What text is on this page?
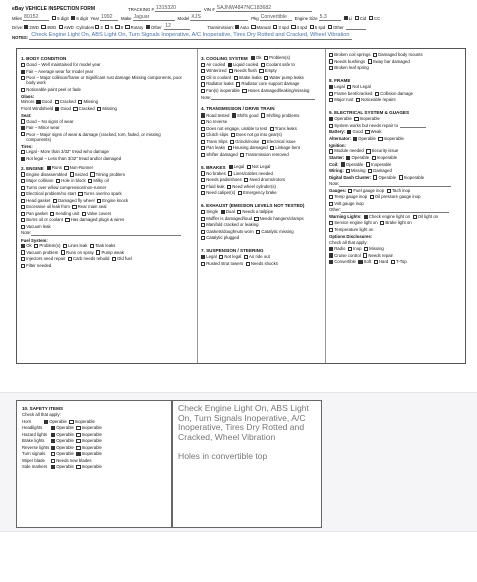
eBay VEHICLE INSPECTION FORM	TRACKING # 1315320	VIN # SAJNW4847NC183682
Miles 80152	5 digit 6 digit Year 1992	Make Jaguar	Model XJS	Pkg Convertible	Engine Size 5.3	Li Cid CC
Drive: 2WD 4WD AWD Cylinders 4 6 8 Rotary Other 12	Transmission: Auto Manual 3 spd 4 spd 5 spd Other
NOTES: Check Engine Light On, ABS Light On, Turn Signals Inoperative, A/C Inoperative, Tires Dry Rotted and Cracked, Wheel Vibration
1. BODY CONDITION
Good – Well maintained for model year
Fair – Average wear for model year
Poor – Major collision/frame or Significant rust damage Missing components, poor body work
Noticeable paint peel or fade
Glass:
Mirrors Good Cracked Missing
Front Windshield Good Cracked Missing
Seat:
Good – No signs of wear
Fair – Minor wear
Poor – Major signs of wear & damage (cracked, torn, faded, or missing components)
Tires:
Legal - More than 3/32" tread w/no damage
Not legal – Less than 3/32" tread and/or damaged
2. ENGINE Runs Non-Runner
Engine disassembled Seized Timing problem
Major collision Hole in block Milky oil
Turns over w/low compression/non-runner
Electrical problem/no start Turns over/no spark
Head gasket Damaged fly wheel Engine knock
Excessive oil leak from Rear main seal
Pan gasket Sending unit Valve covers
Burns oil or coolant Has damaged plugs & wires
Vacuum leak
Note:
Fuel System:
Ok Problem(s) Lines leak Tank leaks
Vacuum problem Runs on spray Pump weak
Injectors need repair Carb needs rebuild Old fuel
Filter needed
3. COOLING SYSTEM Ok Problem(s)
Air cooled Liquid cooled Coolant safe to
Winterized Needs flush Empty
Oil in coolant Intake leaks Water pump leaks
Radiator leaks Radiator core support damage
Fan(s) inoperable Hoses damaged/leaking/missing
Note:
4. TRANSMISSION / DRIVE TRAIN
Road tested Shifts good Shifting problems
No reverse
Does not engage, unable to test Trans leaks
Clutch slips Does not go into gear(s)
Trans Slips Grinds/noise Electrical issue
Pan leaks Housing damaged Linkage bent
Shifter damaged Transmission removed
5. BRAKES Legal Not Legal
No brakes Lines/cables needed
Needs pads/shoes Need drums/rotors
Fluid leak Need wheel cylinder(s)
Need caliper(s) Emergency brake
6. EXHAUST (EMISSION LEVELS NOT TESTED)
Single Dual Needs a tailpipe
Muffler is damaged/loud Needs hangers/clamps
Manifold cracked or leaking
Gaskets/doughnuts worn Catalytic missing
Catalytic plugged
7. SUSPENSION / STEERING
Legal Not legal Air ride out
Rusted strut towers Needs shocks
Broken coil springs Damaged body mounts
Needs bushings Sway bar damaged
Broken leaf spring
8. FRAME
Legal Not Legal
Frame bent/cracked Collision damage
Major rust Noticeable repairs
9. ELECTRICAL SYSTEM & GUAGES
Operable Inoperable
System works but needs repair to
Battery: Good Weak
Alternator: Operable Inoperable
Ignition:
Module needed Security issue
Starter: Operable Inoperable
Coil: Operable Inoperable
Wiring: Missing Damaged
Digital Dash Cluster: Operable Inoperable
Note:
Gauges: Fuel gauge inop Tach inop
Temp gauge inop Oil pressure gauge inop
Volt gauge inop
Other:
Warning Lights: Check engine light on Oil light on
Service engine light on Brake light on
Temperature light on
Options Disclosures:
Check all that apply:
Radio Inop Missing
Cruise control Needs repair
Convertible Soft Hard T-Top
10. SAFETY ITEMS
Check all that apply:
Horn	Operable Inoperable
Headlights	Operable Inoperable
Hazard lights	Operable Inoperable
Brake lights	Operable Inoperable
Reverse lights	Operable Inoperable
Turn signals	Operable Inoperable
Wiper blade	Needs new blades
Side markers	Operable Inoperable

Check Engine Light On, ABS Light On, Turn Signals Inoperative, A/C Inoperative, Tires Dry Rotted and Cracked, Wheel Vibration

Holes in convertible top
